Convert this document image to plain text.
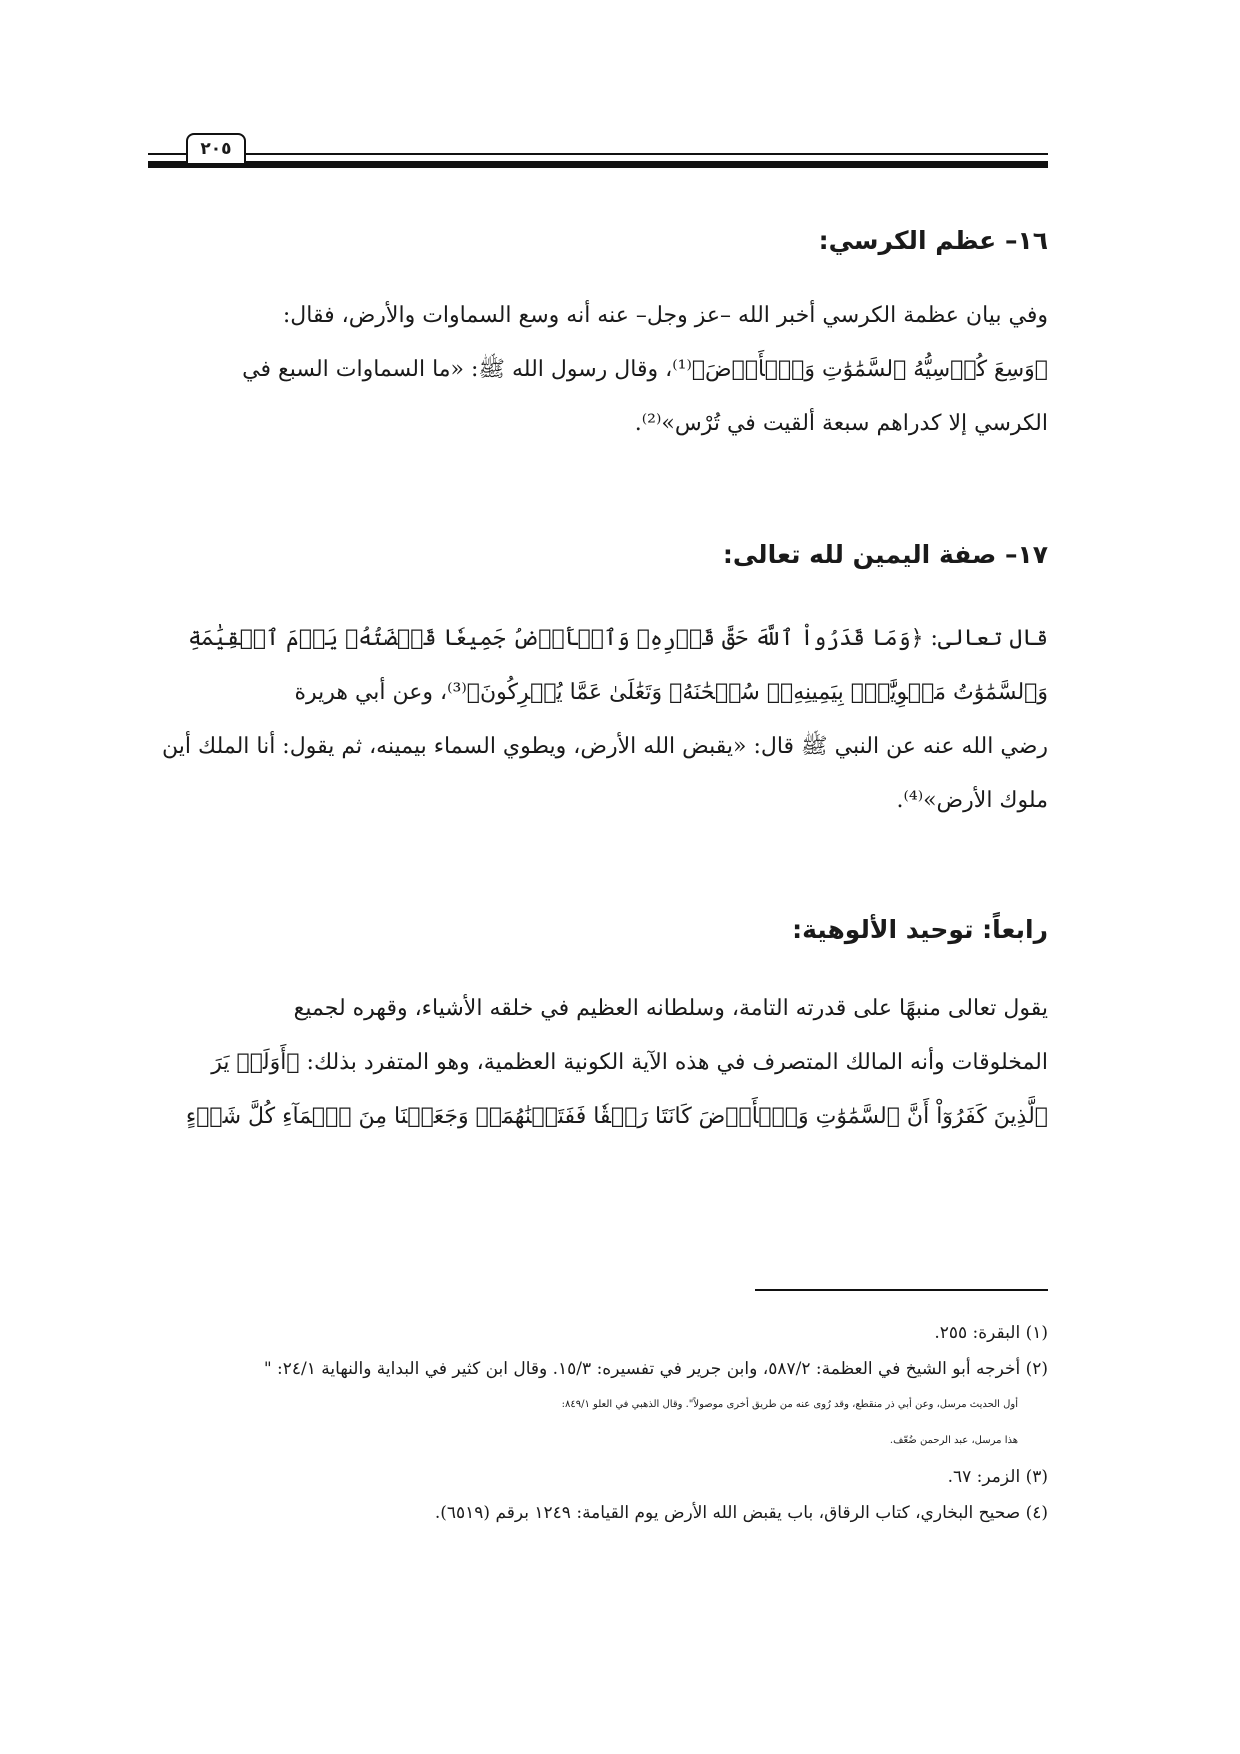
٢٠٥
١٦– عظم الكرسي:
وفي بيان عظمة الكرسي أخبر الله –عز وجل– عنه أنه وسع السماوات والأرض، فقال:
﴿وَسِعَ كُرۡسِيُّهُ ٱلسَّمَٰوَٰتِ وَٱلۡأَرۡضَ﴾⁽¹⁾، وقال رسول الله ﷺ: «ما السماوات السبع في
الكرسي إلا كدراهم سبعة ألقيت في تُرْس»⁽²⁾.
١٧– صفة اليمين لله تعالى:
قال تعالى: ﴿وَمَا قَدَرُواْ ٱللَّهَ حَقَّ قَدۡرِهِۦ وَٱلۡأَرۡضُ جَمِيعٗا قَبۡضَتُهُۥ يَوۡمَ ٱلۡقِيَٰمَةِ
وَٱلسَّمَٰوَٰتُ مَطۡوِيَّٰتُۢ بِيَمِينِهِۦۚ سُبۡحَٰنَهُۥ وَتَعَٰلَىٰ عَمَّا يُشۡرِكُونَ﴾⁽³⁾، وعن أبي هريرة
رضي الله عنه عن النبي ﷺ قال: «يقبض الله الأرض، ويطوي السماء بيمينه، ثم يقول: أنا الملك أين
ملوك الأرض»⁽⁴⁾.
رابعاً: توحيد الألوهية:
يقول تعالى منبهًا على قدرته التامة، وسلطانه العظيم في خلقه الأشياء، وقهره لجميع
المخلوقات وأنه المالك المتصرف في هذه الآية الكونية العظمية، وهو المتفرد بذلك: ﴿أَوَلَمۡ يَرَ
ٱلَّذِينَ كَفَرُوٓاْ أَنَّ ٱلسَّمَٰوَٰتِ وَٱلۡأَرۡضَ كَانَتَا رَتۡقٗا فَفَتَقۡنَٰهُمَاۖ وَجَعَلۡنَا مِنَ ٱلۡمَآءِ كُلَّ شَيۡءٍ
(١) البقرة: ٢٥٥.
(٢) أخرجه أبو الشيخ في العظمة: ٥٨٧/٢، وابن جرير في تفسيره: ١٥/٣. وقال ابن كثير في البداية والنهاية ٢٤/١: "
أول الحديث مرسل، وعن أبي ذر منقطع، وقد رُوى عنه من طريق أخرى موصولاً". وقال الذهبي في العلو ٨٤٩/١:
هذا مرسل، عبد الرحمن ضُعّف.
(٣) الزمر: ٦٧.
(٤) صحيح البخاري، كتاب الرقاق، باب يقبض الله الأرض يوم القيامة: ١٢٤٩ برقم (٦٥١٩).
